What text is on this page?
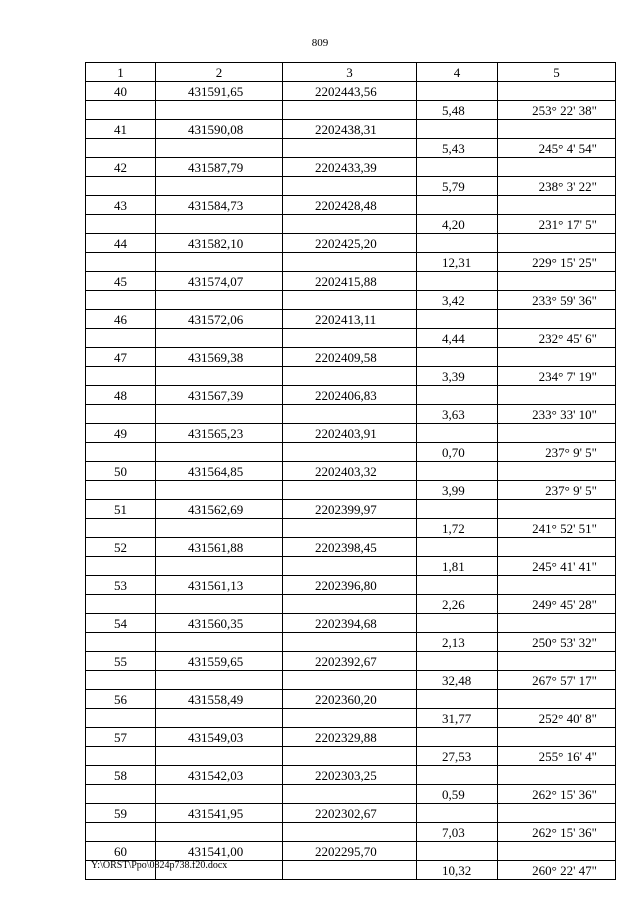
809
1	2	3	4	5
40	431591,65	2202443,56		
			5,48	253° 22' 38"
41	431590,08	2202438,31		
			5,43	245° 4' 54"
42	431587,79	2202433,39		
			5,79	238° 3' 22"
43	431584,73	2202428,48		
			4,20	231° 17' 5"
44	431582,10	2202425,20		
			12,31	229° 15' 25"
45	431574,07	2202415,88		
			3,42	233° 59' 36"
46	431572,06	2202413,11		
			4,44	232° 45' 6"
47	431569,38	2202409,58		
			3,39	234° 7' 19"
48	431567,39	2202406,83		
			3,63	233° 33' 10"
49	431565,23	2202403,91		
			0,70	237° 9' 5"
50	431564,85	2202403,32		
			3,99	237° 9' 5"
51	431562,69	2202399,97		
			1,72	241° 52' 51"
52	431561,88	2202398,45		
			1,81	245° 41' 41"
53	431561,13	2202396,80		
			2,26	249° 45' 28"
54	431560,35	2202394,68		
			2,13	250° 53' 32"
55	431559,65	2202392,67		
			32,48	267° 57' 17"
56	431558,49	2202360,20		
			31,77	252° 40' 8"
57	431549,03	2202329,88		
			27,53	255° 16' 4"
58	431542,03	2202303,25		
			0,59	262° 15' 36"
59	431541,95	2202302,67		
			7,03	262° 15' 36"
60	431541,00	2202295,70		
			10,32	260° 22' 47"
Y:\ORST\Ppo\0824p738.f20.docx
